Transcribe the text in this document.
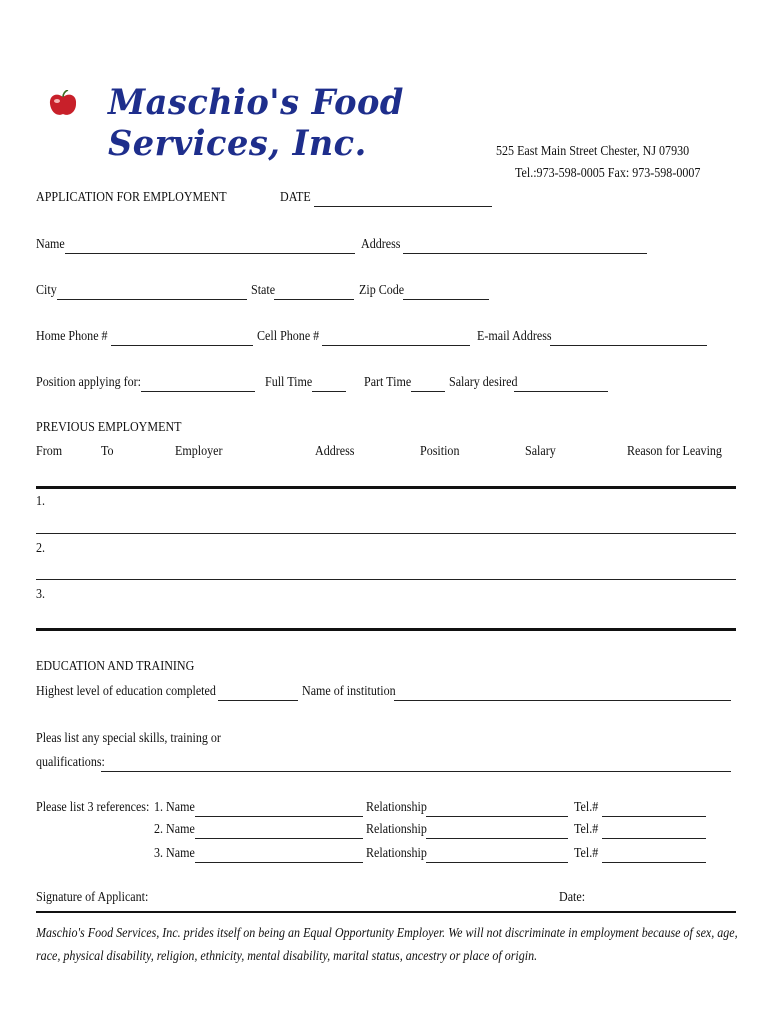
Maschio's Food Services, Inc.	525 East Main Street Chester, NJ 07930
Tel.:973-598-0005 Fax: 973-598-0007
APPLICATION FOR EMPLOYMENT	DATE
Name	Address
City	State	Zip Code
Home Phone #	Cell Phone #	E-mail Address
Position applying for:	Full Time	Part Time	Salary desired
PREVIOUS EMPLOYMENT
From	To	Employer	Address	Position	Salary	Reason for Leaving
1.
2.
3.
EDUCATION AND TRAINING
Highest level of education completed	Name of institution
Pleas list any special skills, training or
qualifications:
Please list 3 references: 1. Name	Relationship	Tel.#
2. Name	Relationship	Tel.#
3. Name	Relationship	Tel.#
Signature of Applicant:	Date:
Maschio's Food Services, Inc. prides itself on being an Equal Opportunity Employer. We will not discriminate in employment because of sex, age,
race, physical disability, religion, ethnicity, mental disability, marital status, ancestry or place of origin.
